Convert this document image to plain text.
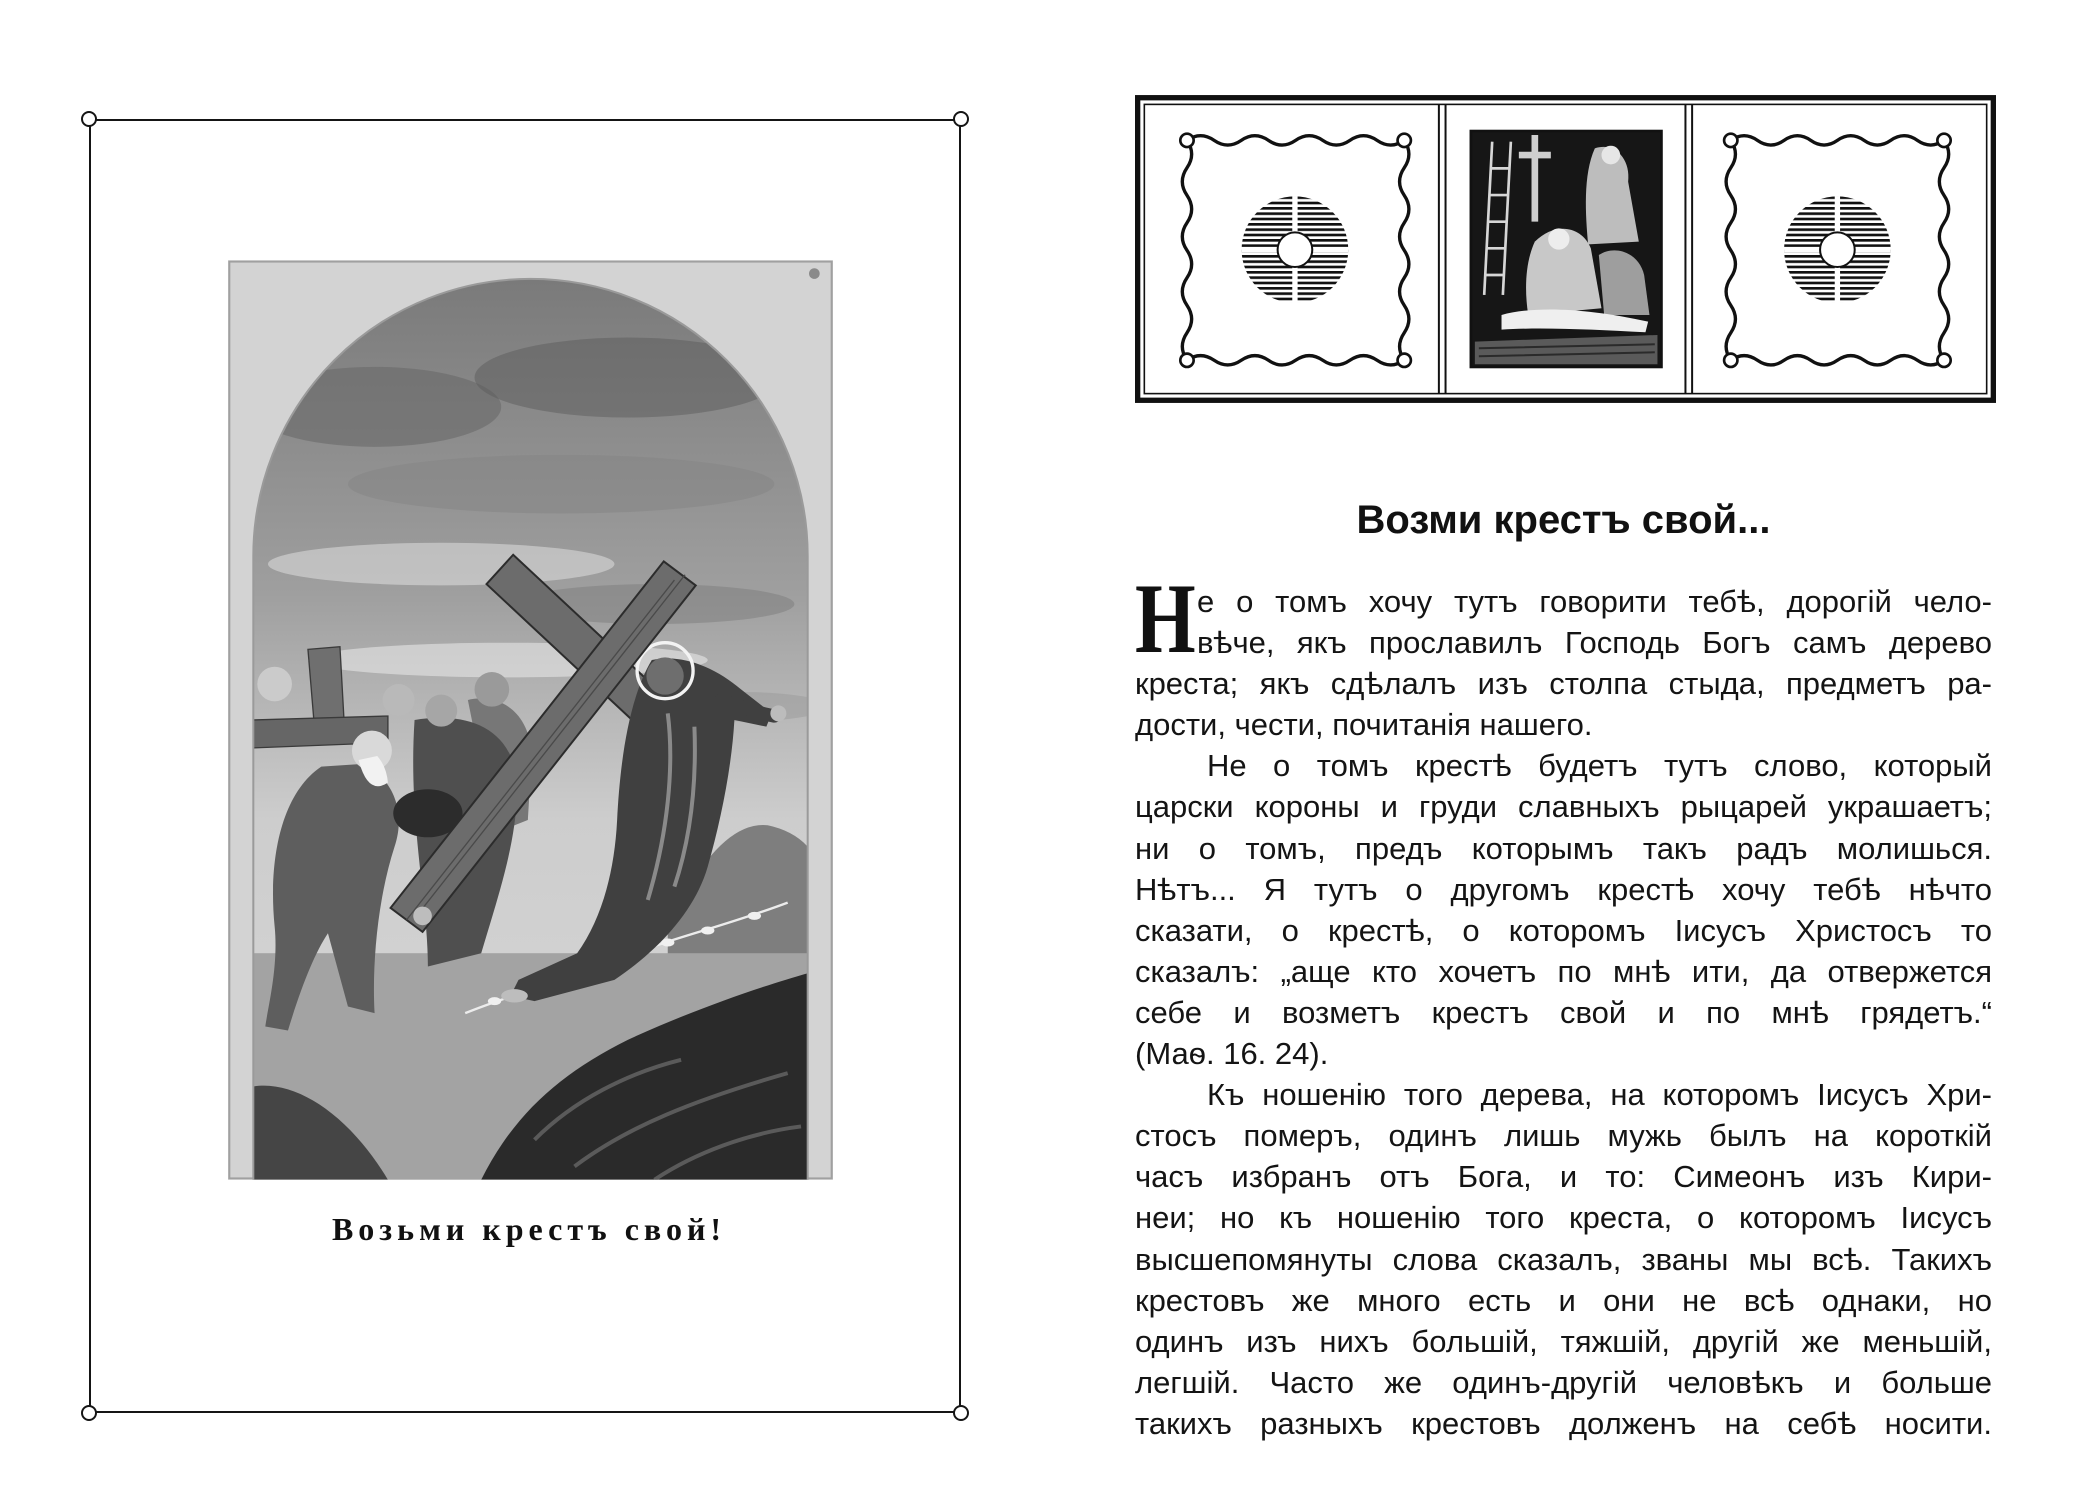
Возьми крестъ свой!
Возми крестъ свой...
Н е о томъ хочу тутъ говорити тебѣ, дорогій чело-
вѣче, якъ прославилъ Господь Богъ самъ дерево
креста; якъ сдѣлалъ изъ столпа стыда, предметъ ра-
дости, чести, почитанія нашего.
Не о томъ крестѣ будетъ тутъ слово, который
царски короны и груди славныхъ рыцарей украшаетъ;
ни о томъ, предъ которымъ такъ радъ молишься.
Нѣтъ... Я тутъ о другомъ крестѣ хочу тебѣ нѣчто
сказати, о крестѣ, о которомъ Іисусъ Христосъ то
сказалъ: „аще кто хочетъ по мнѣ ити, да отвержется
себе и возметъ крестъ свой и по мнѣ грядетъ.“
(Маѳ. 16. 24).
Къ ношенію того дерева, на которомъ Іисусъ Хри-
стосъ померъ, одинъ лишь мужь былъ на короткій
часъ избранъ отъ Бога, и то: Симеонъ изъ Кири-
неи; но къ ношенію того креста, о которомъ Іисусъ
высшепомянуты слова сказалъ, званы мы всѣ. Такихъ
крестовъ же много есть и они не всѣ однаки, но
одинъ изъ нихъ большій, тяжшій, другій же меньшій,
легшій. Часто же одинъ-другій человѣкъ и больше
такихъ разныхъ крестовъ долженъ на себѣ носити.
